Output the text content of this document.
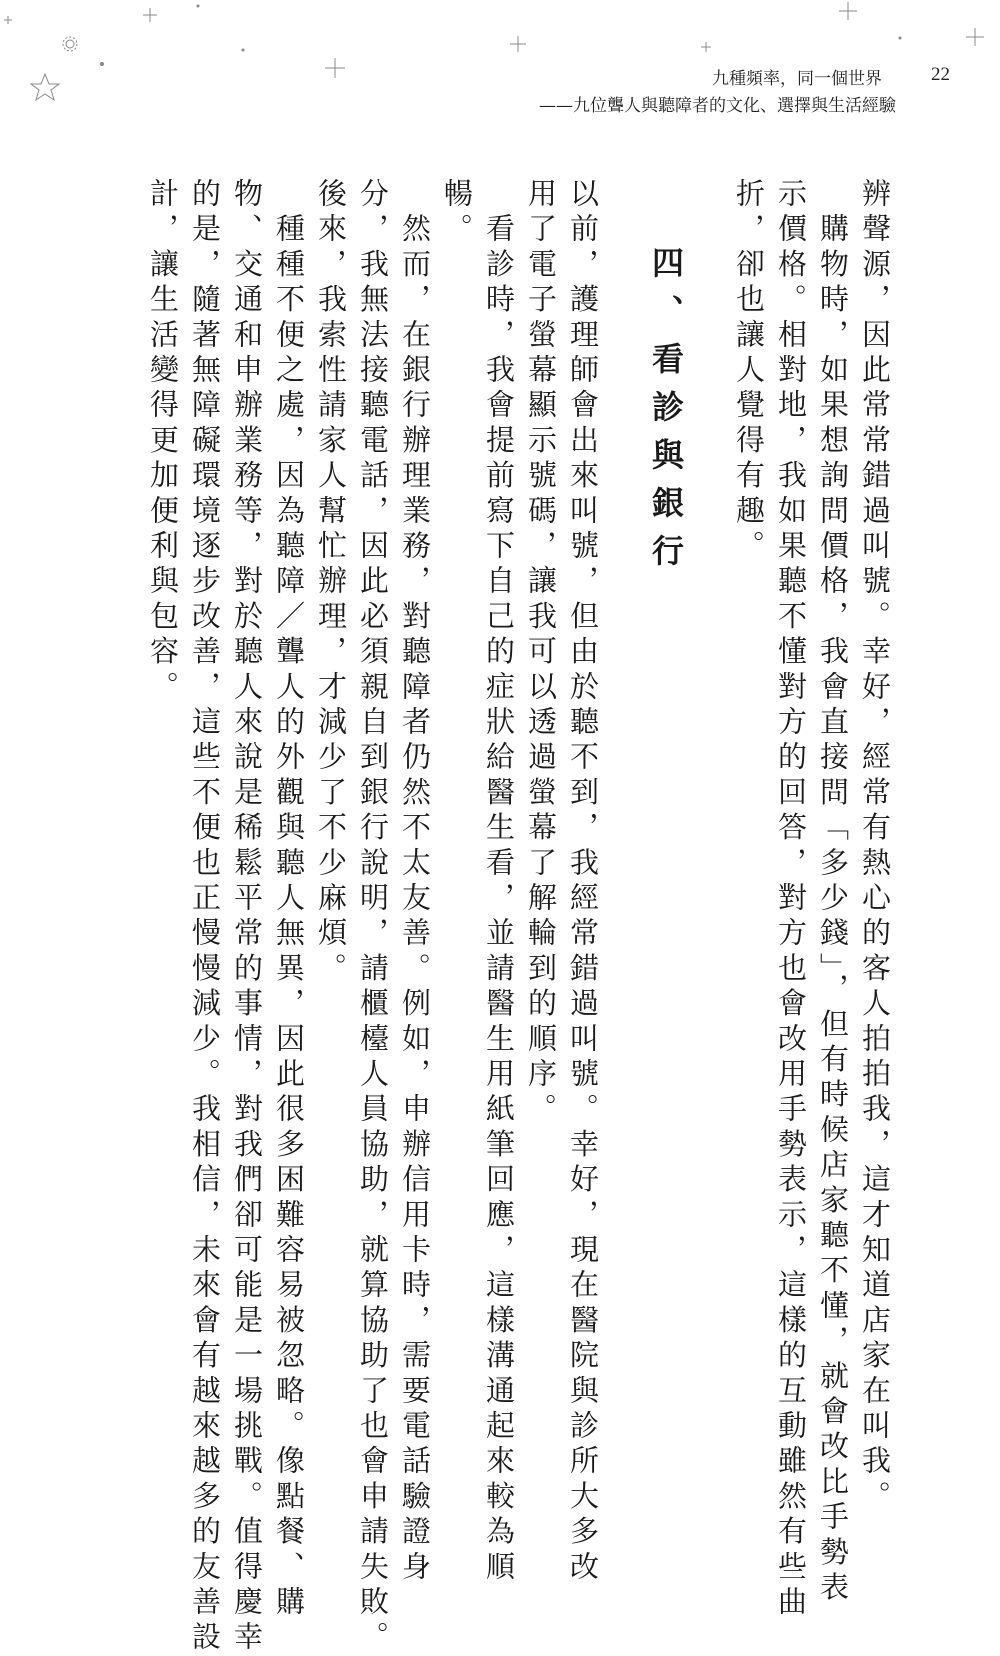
九種頻率，同一個世界	22
——九位聾人與聽障者的文化、選擇與生活經驗
辨聲源，因此常常錯過叫號。幸好，經常有熱心的客人拍拍我，這才知道店家在叫我。
　購物時，如果想詢問價格，我會直接問「多少錢」，但有時候店家聽不懂，就會改比手勢表
示價格。相對地，我如果聽不懂對方的回答，對方也會改用手勢表示，這樣的互動雖然有些曲
折，卻也讓人覺得有趣。
四、看診與銀行
以前，護理師會出來叫號，但由於聽不到，我經常錯過叫號。幸好，現在醫院與診所大多改
用了電子螢幕顯示號碼，讓我可以透過螢幕了解輪到的順序。
　看診時，我會提前寫下自己的症狀給醫生看，並請醫生用紙筆回應，這樣溝通起來較為順
暢。
　然而，在銀行辦理業務，對聽障者仍然不太友善。例如，申辦信用卡時，需要電話驗證身
分，我無法接聽電話，因此必須親自到銀行說明，請櫃檯人員協助，就算協助了也會申請失敗。
後來，我索性請家人幫忙辦理，才減少了不少麻煩。
　種種不便之處，因為聽障／聾人的外觀與聽人無異，因此很多困難容易被忽略。像點餐、購
物、交通和申辦業務等，對於聽人來說是稀鬆平常的事情，對我們卻可能是一場挑戰。值得慶幸
的是，隨著無障礙環境逐步改善，這些不便也正慢慢減少。我相信，未來會有越來越多的友善設
計，讓生活變得更加便利與包容。
